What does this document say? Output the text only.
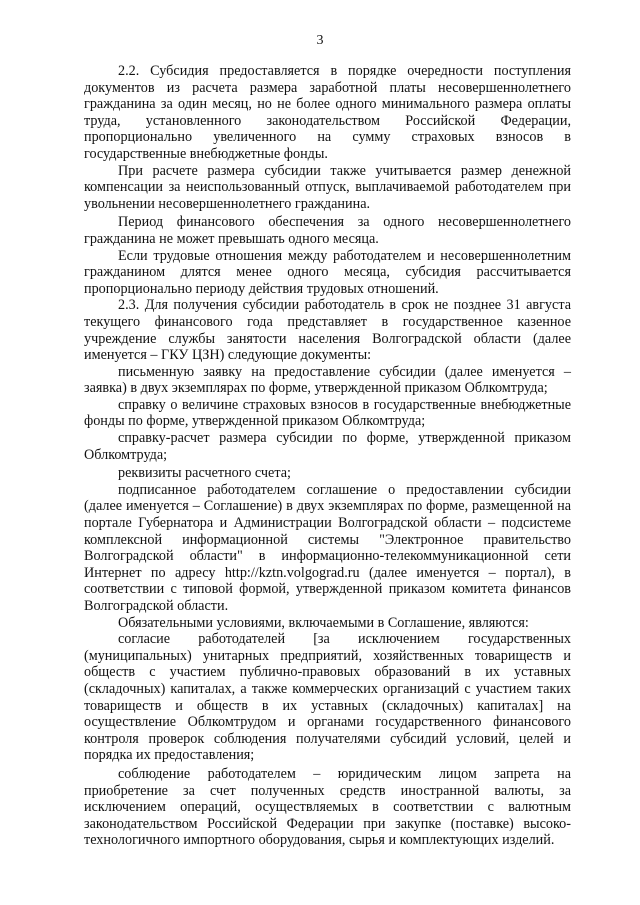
3

2.2. Субсидия предоставляется в порядке очередности поступления документов из расчета размера заработной платы несовершеннолетнего гражданина за один месяц, но не более одного минимального размера оплаты труда, установленного законодательством Российской Федерации, пропорционально увеличенного на сумму страховых взносов в государственные внебюджетные фонды.

При расчете размера субсидии также учитывается размер денежной компенсации за неиспользованный отпуск, выплачиваемой работодателем при увольнении несовершеннолетнего гражданина.

Период финансового обеспечения за одного несовершеннолетнего гражданина не может превышать одного месяца.

Если трудовые отношения между работодателем и несовершеннолетним гражданином длятся менее одного месяца, субсидия рассчитывается пропорционально периоду действия трудовых отношений.

2.3. Для получения субсидии работодатель в срок не позднее 31 августа текущего финансового года представляет в государственное казенное учреждение службы занятости населения Волгоградской области (далее именуется – ГКУ ЦЗН) следующие документы:

письменную заявку на предоставление субсидии (далее именуется – заявка) в двух экземплярах по форме, утвержденной приказом Облкомтруда;

справку о величине страховых взносов в государственные внебюджетные фонды по форме, утвержденной приказом Облкомтруда;

справку-расчет размера субсидии по форме, утвержденной приказом Облкомтруда;

реквизиты расчетного счета;

подписанное работодателем соглашение о предоставлении субсидии (далее именуется – Соглашение) в двух экземплярах по форме, размещенной на портале Губернатора и Администрации Волгоградской области – подсистеме комплексной информационной системы "Электронное правительство Волгоградской области" в информационно-телекоммуникационной сети Интернет по адресу http://kztn.volgograd.ru (далее именуется – портал), в соответствии с типовой формой, утвержденной приказом комитета финансов Волгоградской области.

Обязательными условиями, включаемыми в Соглашение, являются:

согласие работодателей [за исключением государственных (муниципальных) унитарных предприятий, хозяйственных товариществ и обществ с участием публично-правовых образований в их уставных (складочных) капиталах, а также коммерческих организаций с участием таких товариществ и обществ в их уставных (складочных) капиталах] на осуществление Облкомтрудом и органами государственного финансового контроля проверок соблюдения получателями субсидий условий, целей и порядка их предоставления;

соблюдение работодателем – юридическим лицом запрета на приобретение за счет полученных средств иностранной валюты, за исключением операций, осуществляемых в соответствии с валютным законодательством Российской Федерации при закупке (поставке) высокотехнологичного импортного оборудования, сырья и комплектующих изделий.
